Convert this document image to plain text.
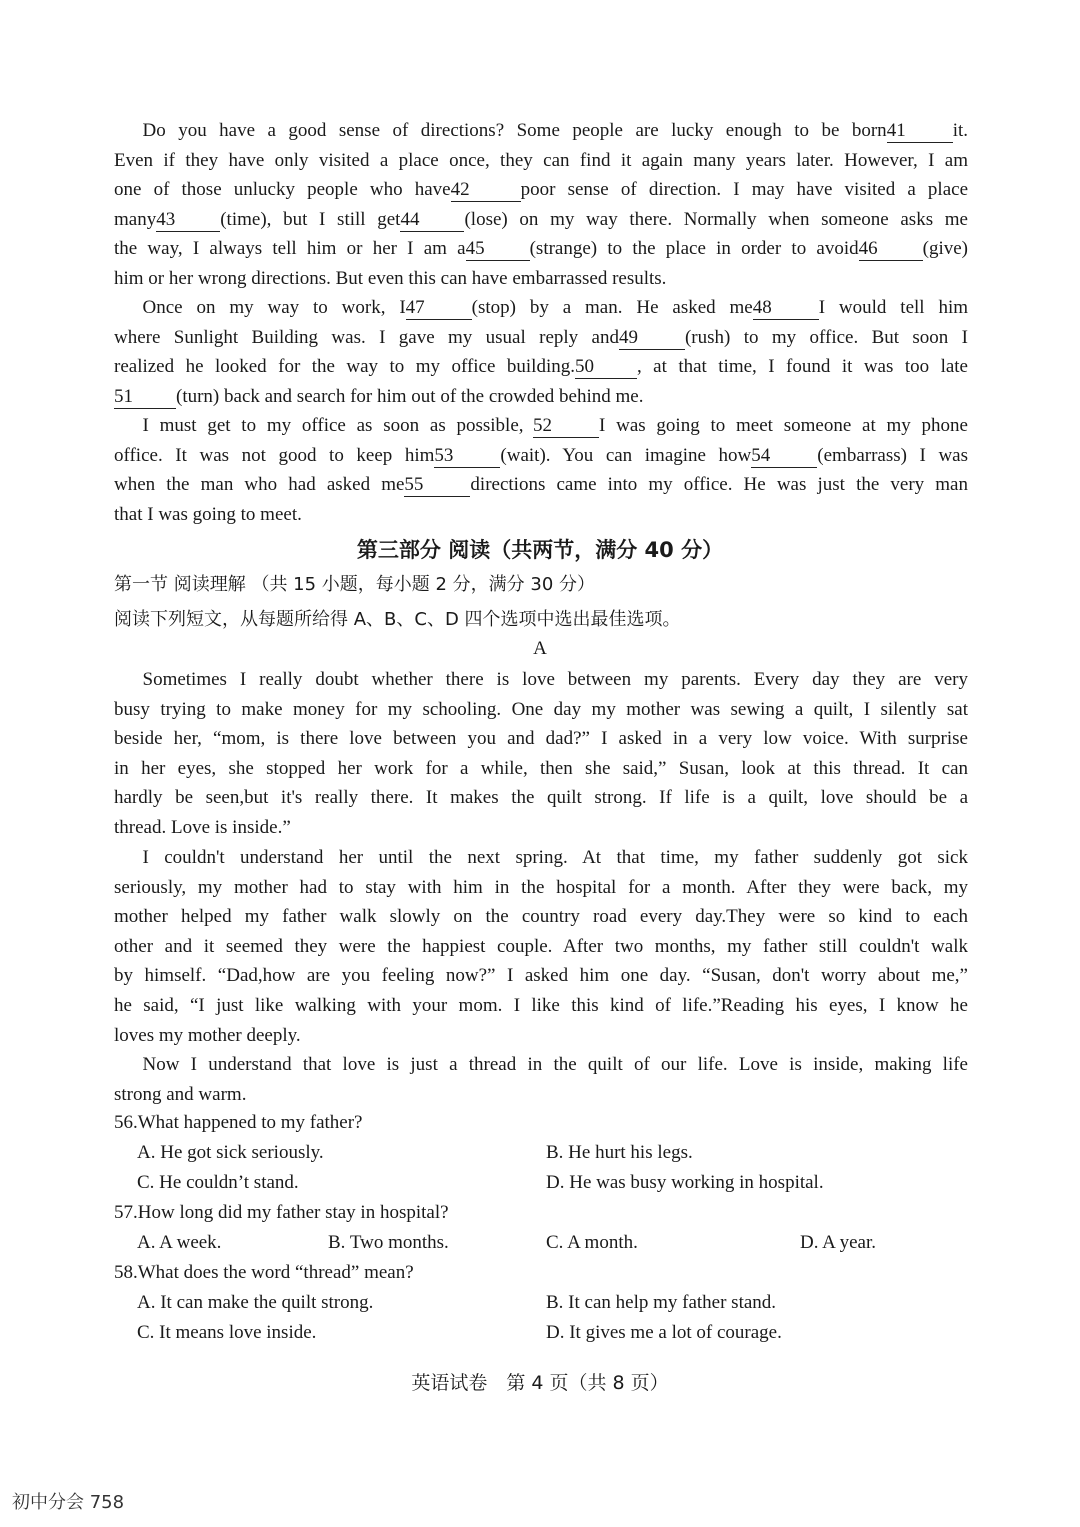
  Do you have a good sense of directions? Some people are lucky enough to be born41 it.
Even if they have only visited a place once, they can find it again many years later. However, I am
one of those unlucky people who have42	poor sense of direction. I may have visited a place
many43 (time), but I still get44 (lose) on my way there. Normally when someone asks me
the way, I always tell him or her I am a45 (strange) to the place in order to avoid46 (give)
him or her wrong directions. But even this can have embarrassed results.
  Once on my way to work, I47 (stop) by a man. He asked me48 I would tell him
where Sunlight Building was. I gave my usual reply and49 (rush) to my office. But soon I
realized he looked for the way to my office building.50 , at that time, I found it was too late
51 (turn) back and search for him out of the crowded behind me.
  I must get to my office as soon as possible,  52 I was going to meet someone at my phone
office. It was not good to keep him53 (wait). You can imagine how54 (embarrass) I was
when the man who had asked me55 directions came into my office. He was just the very man
that I was going to meet.
第三部分 阅读（共两节，满分 40 分）
第一节 阅读理解 （共 15 小题，每小题 2 分，满分 30 分）
阅读下列短文，从每题所给得 A、B、C、D 四个选项中选出最佳选项。
A
  Sometimes I really doubt whether there is love between my parents. Every day they are very
busy trying to make money for my schooling. One day my mother was sewing a quilt, I silently sat
beside her, “mom, is there love between you and dad?” I asked in a very low voice. With surprise
in her eyes, she stopped her work for a while, then she said,” Susan, look at this thread. It can
hardly be seen,but it's really there. It makes the quilt strong. If life is a quilt, love should be a
thread. Love is inside.”
  I couldn't understand her until the next spring. At that time, my father suddenly got sick
seriously, my mother had to stay with him in the hospital for a month. After they were back, my
mother helped my father walk slowly on the country road every day.They were so kind to each
other and it seemed they were the happiest couple. After two months, my father still couldn't walk
by himself. “Dad,how are you feeling now?” I asked him one day. “Susan, don't worry about me,”
he said, “I just like walking with your mom. I like this kind of life.”Reading his eyes, I know he
loves my mother deeply.
  Now I understand that love is just a thread in the quilt of our life. Love is inside, making life
strong and warm.
56.What happened to my father?
A. He got sick seriously.	B. He hurt his legs.
C. He couldn’t stand.	D. He was busy working in hospital.
57.How long did my father stay in hospital?
A. A week.	B. Two months.	C. A month.	D. A year.
58.What does the word “thread” mean?
A. It can make the quilt strong.	B. It can help my father stand.
C. It means love inside.	D. It gives me a lot of courage.
英语试卷　第 4 页（共 8 页）
初中分会 758
